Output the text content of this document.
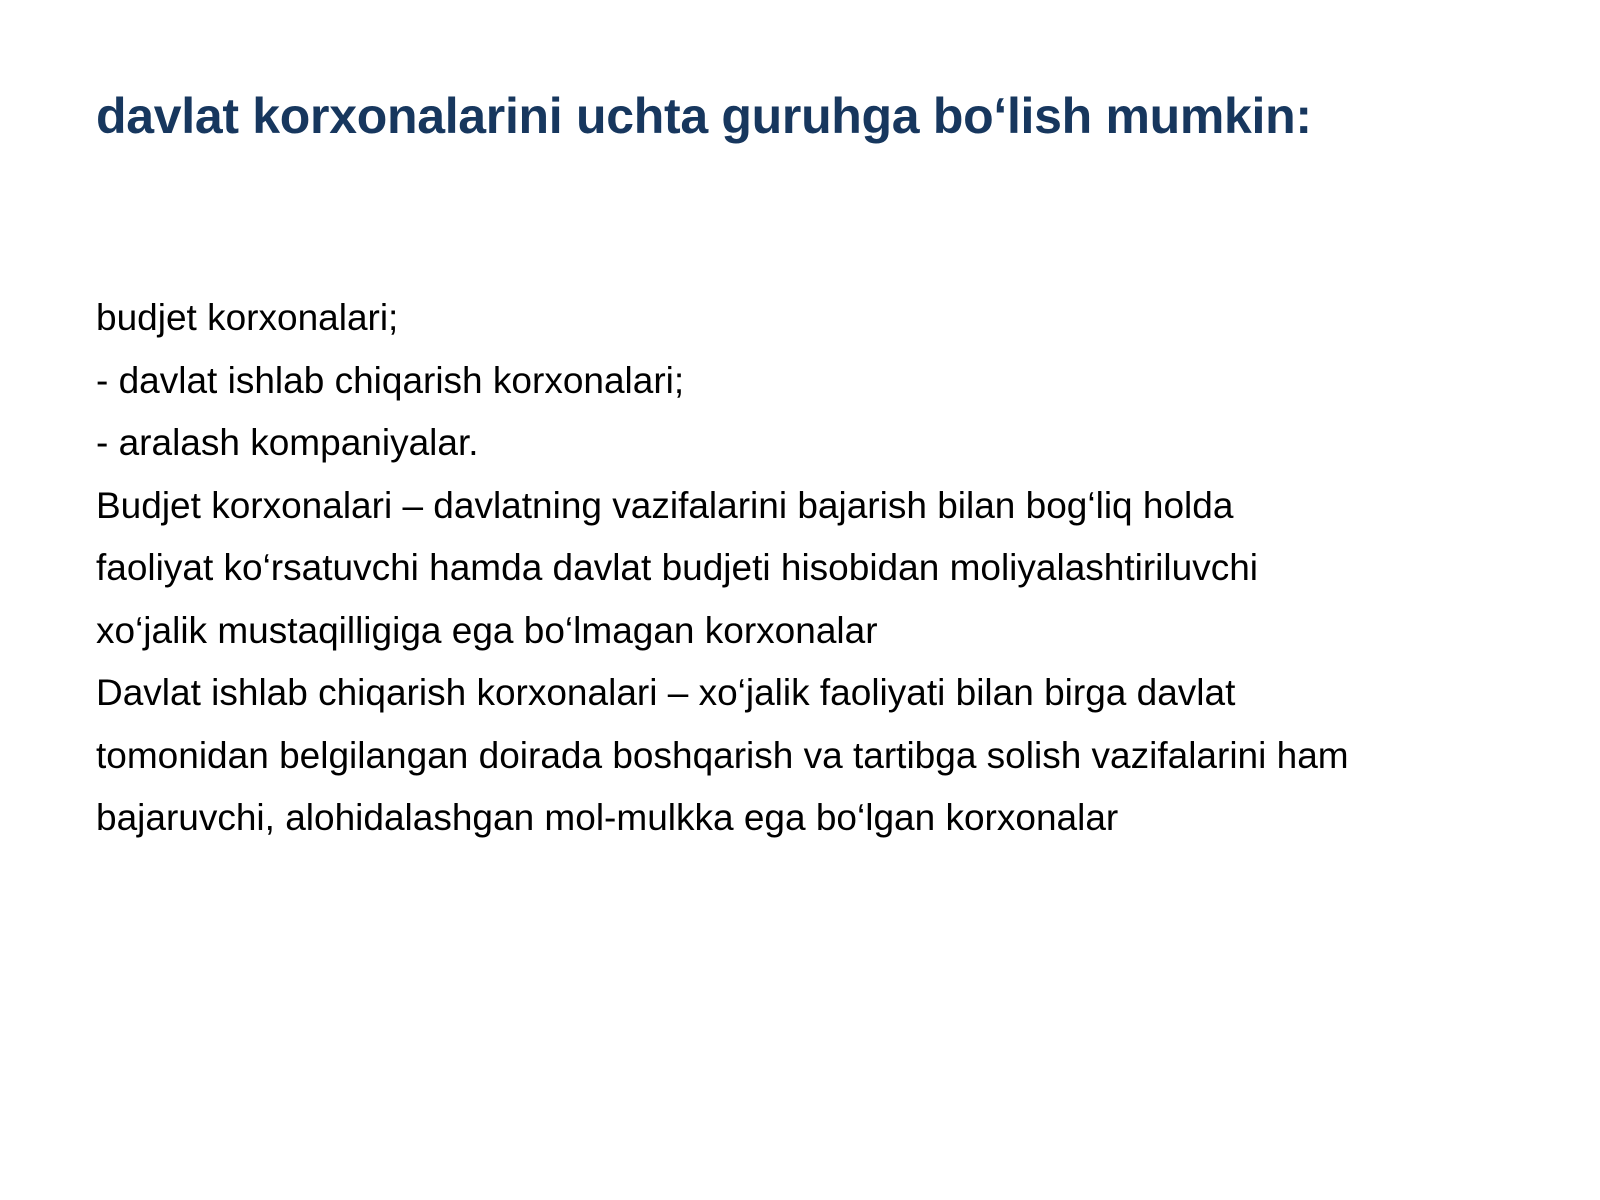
davlat korxonalarini uchta guruhga bo‘lish mumkin:
budjet korxonalari;
- davlat ishlab chiqarish korxonalari;
- aralash kompaniyalar.
Budjet korxonalari – davlatning vazifalarini bajarish bilan bog‘liq holda
faoliyat ko‘rsatuvchi hamda davlat budjeti hisobidan moliyalashtiriluvchi
xo‘jalik mustaqilligiga ega bo‘lmagan korxonalar
Davlat ishlab chiqarish korxonalari – xo‘jalik faoliyati bilan birga davlat
tomonidan belgilangan doirada boshqarish va tartibga solish vazifalarini ham
bajaruvchi, alohidalashgan mol-mulkka ega bo‘lgan korxonalar
